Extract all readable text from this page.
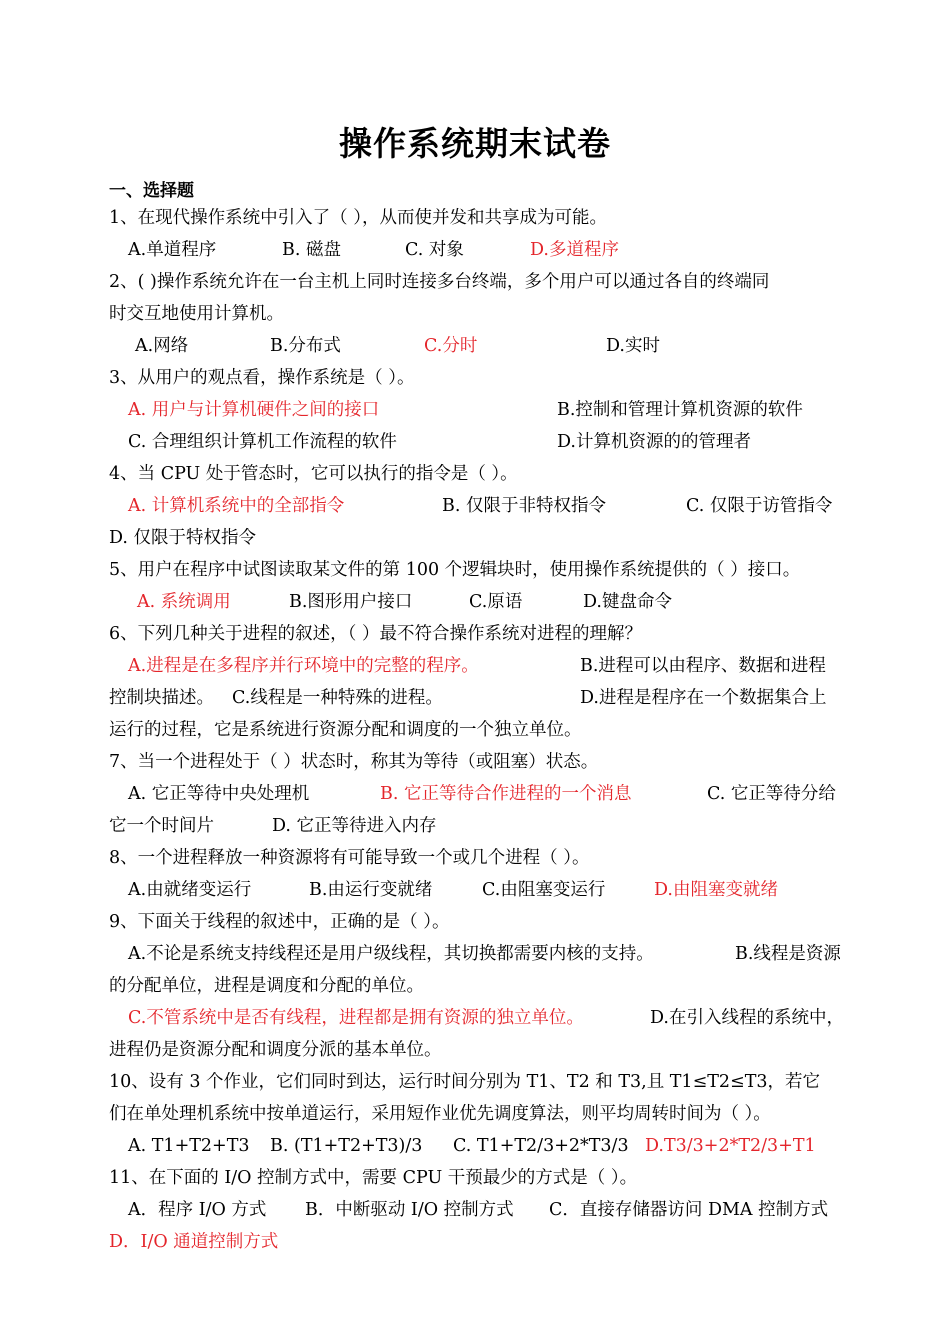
操作系统期末试卷
一、选择题
1、在现代操作系统中引入了（ ），从而使并发和共享成为可能。
A.单道程序	B. 磁盘	C. 对象	D.多道程序
2、( )操作系统允许在一台主机上同时连接多台终端，多个用户可以通过各自的终端同
时交互地使用计算机。
A.网络	B.分布式	C.分时	D.实时
3、从用户的观点看，操作系统是（ ）。
A. 用户与计算机硬件之间的接口	B.控制和管理计算机资源的软件
C. 合理组织计算机工作流程的软件	D.计算机资源的的管理者
4、当 CPU 处于管态时，它可以执行的指令是（ ）。
A. 计算机系统中的全部指令	B. 仅限于非特权指令	C. 仅限于访管指令
D. 仅限于特权指令
5、用户在程序中试图读取某文件的第 100 个逻辑块时，使用操作系统提供的（ ）接口。
A. 系统调用	B.图形用户接口	C.原语	D.键盘命令
6、下列几种关于进程的叙述，（ ）最不符合操作系统对进程的理解？
A.进程是在多程序并行环境中的完整的程序。	B.进程可以由程序、数据和进程
控制块描述。 C.线程是一种特殊的进程。	D.进程是程序在一个数据集合上
运行的过程，它是系统进行资源分配和调度的一个独立单位。
7、当一个进程处于（ ）状态时，称其为等待（或阻塞）状态。
A. 它正等待中央处理机	B. 它正等待合作进程的一个消息	C. 它正等待分给
它一个时间片	D. 它正等待进入内存
8、一个进程释放一种资源将有可能导致一个或几个进程（ ）。
A.由就绪变运行	B.由运行变就绪	C.由阻塞变运行	D.由阻塞变就绪
9、下面关于线程的叙述中，正确的是（ ）。
A.不论是系统支持线程还是用户级线程，其切换都需要内核的支持。	B.线程是资源
的分配单位，进程是调度和分配的单位。
C.不管系统中是否有线程，进程都是拥有资源的独立单位。	D.在引入线程的系统中，
进程仍是资源分配和调度分派的基本单位。
10、设有 3 个作业，它们同时到达，运行时间分别为 T1、T2 和 T3,且 T1≤T2≤T3，若它
们在单处理机系统中按单道运行，采用短作业优先调度算法，则平均周转时间为（ ）。
A. T1+T2+T3 B. (T1+T2+T3)/3 C. T1+T2/3+2*T3/3 D.T3/3+2*T2/3+T1
11、在下面的 I/O 控制方式中，需要 CPU 干预最少的方式是（ ）。
A．程序 I/O 方式 B．中断驱动 I/O 控制方式 C．直接存储器访问 DMA 控制方式
D．I/O 通道控制方式
